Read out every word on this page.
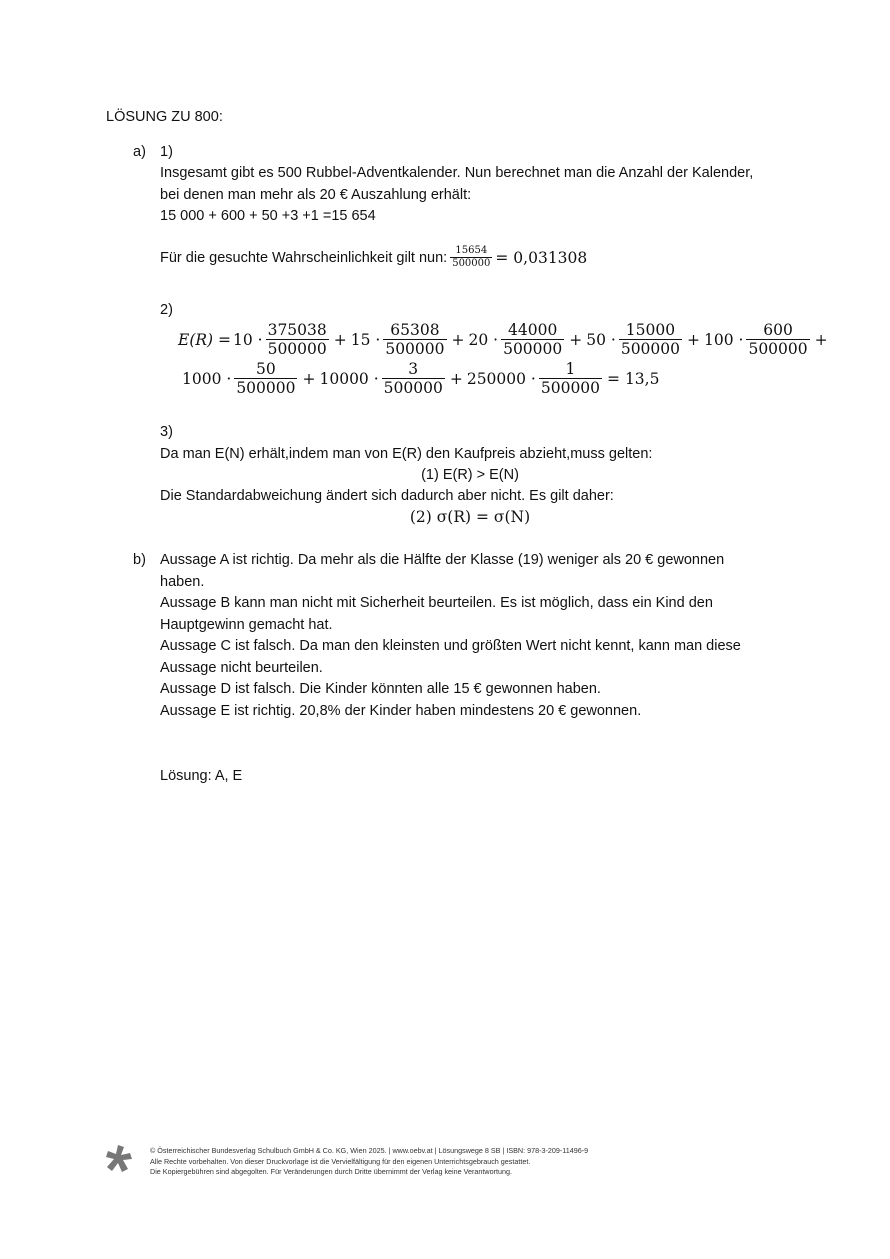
LÖSUNG ZU 800:
a) 1)
Insgesamt gibt es 500 Rubbel-Adventkalender. Nun berechnet man die Anzahl der Kalender,
bei denen man mehr als 20 € Auszahlung erhält:
15 000 + 600 + 50 +3 +1 =15 654
Für die gesuchte Wahrscheinlichkeit gilt nun: $\frac{15654}{500000} = 0,031308$
2)
$E(R) = 10 \cdot \frac{375038}{500000} + 15 \cdot \frac{65308}{500000} + 20 \cdot \frac{44000}{500000} + 50 \cdot \frac{15000}{500000} + 100 \cdot \frac{600}{500000}$ +
$1000 \cdot \frac{50}{500000} + 10000 \cdot \frac{3}{500000} + 250000 \cdot \frac{1}{500000} = 13,5$
3)
Da man E(N) erhält,indem man von E(R) den Kaufpreis abzieht,muss gelten:
(1) E(R) > E(N)
Die Standardabweichung ändert sich dadurch aber nicht. Es gilt daher:
(2) σ(R) = σ(N)
b) Aussage A ist richtig. Da mehr als die Hälfte der Klasse (19) weniger als 20 € gewonnen
haben.
Aussage B kann man nicht mit Sicherheit beurteilen. Es ist möglich, dass ein Kind den
Hauptgewinn gemacht hat.
Aussage C ist falsch. Da man den kleinsten und größten Wert nicht kennt, kann man diese
Aussage nicht beurteilen.
Aussage D ist falsch. Die Kinder könnten alle 15 € gewonnen haben.
Aussage E ist richtig. 20,8% der Kinder haben mindestens 20 € gewonnen.
Lösung: A, E
© Österreichischer Bundesverlag Schulbuch GmbH & Co. KG, Wien 2025. | www.oebv.at | Lösungswege 8 SB | ISBN: 978-3-209-11496-9
Alle Rechte vorbehalten. Von dieser Druckvorlage ist die Vervielfältigung für den eigenen Unterrichtsgebrauch gestattet.
Die Kopiergebühren sind abgegolten. Für Veränderungen durch Dritte übernimmt der Verlag keine Verantwortung.
